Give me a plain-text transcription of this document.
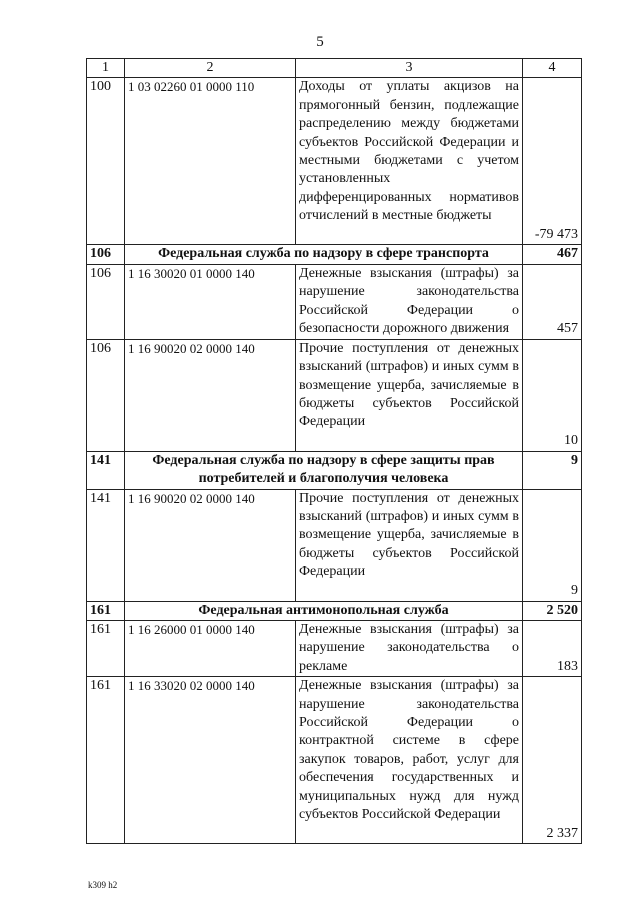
5
1	2	3	4
100	1 03 02260 01 0000 110	Доходы от уплаты акцизов на прямогонный бензин, подлежащие распределению между бюджетами субъектов Российской Федерации и местными бюджетами с учетом установленных дифференцированных нормативов отчислений в местные бюджеты	-79 473
106	Федеральная служба по надзору в сфере транспорта		467
106	1 16 30020 01 0000 140	Денежные взыскания (штрафы) за нарушение законодательства Российской Федерации о безопасности дорожного движения	457
106	1 16 90020 02 0000 140	Прочие поступления от денежных взысканий (штрафов) и иных сумм в возмещение ущерба, зачисляемые в бюджеты субъектов Российской Федерации	10
141	Федеральная служба по надзору в сфере защиты прав потребителей и благополучия человека		9
141	1 16 90020 02 0000 140	Прочие поступления от денежных взысканий (штрафов) и иных сумм в возмещение ущерба, зачисляемые в бюджеты субъектов Российской Федерации	9
161	Федеральная антимонопольная служба		2 520
161	1 16 26000 01 0000 140	Денежные взыскания (штрафы) за нарушение законодательства о рекламе	183
161	1 16 33020 02 0000 140	Денежные взыскания (штрафы) за нарушение законодательства Российской Федерации о контрактной системе в сфере закупок товаров, работ, услуг для обеспечения государственных и муниципальных нужд для нужд субъектов Российской Федерации	2 337
k309 h2
